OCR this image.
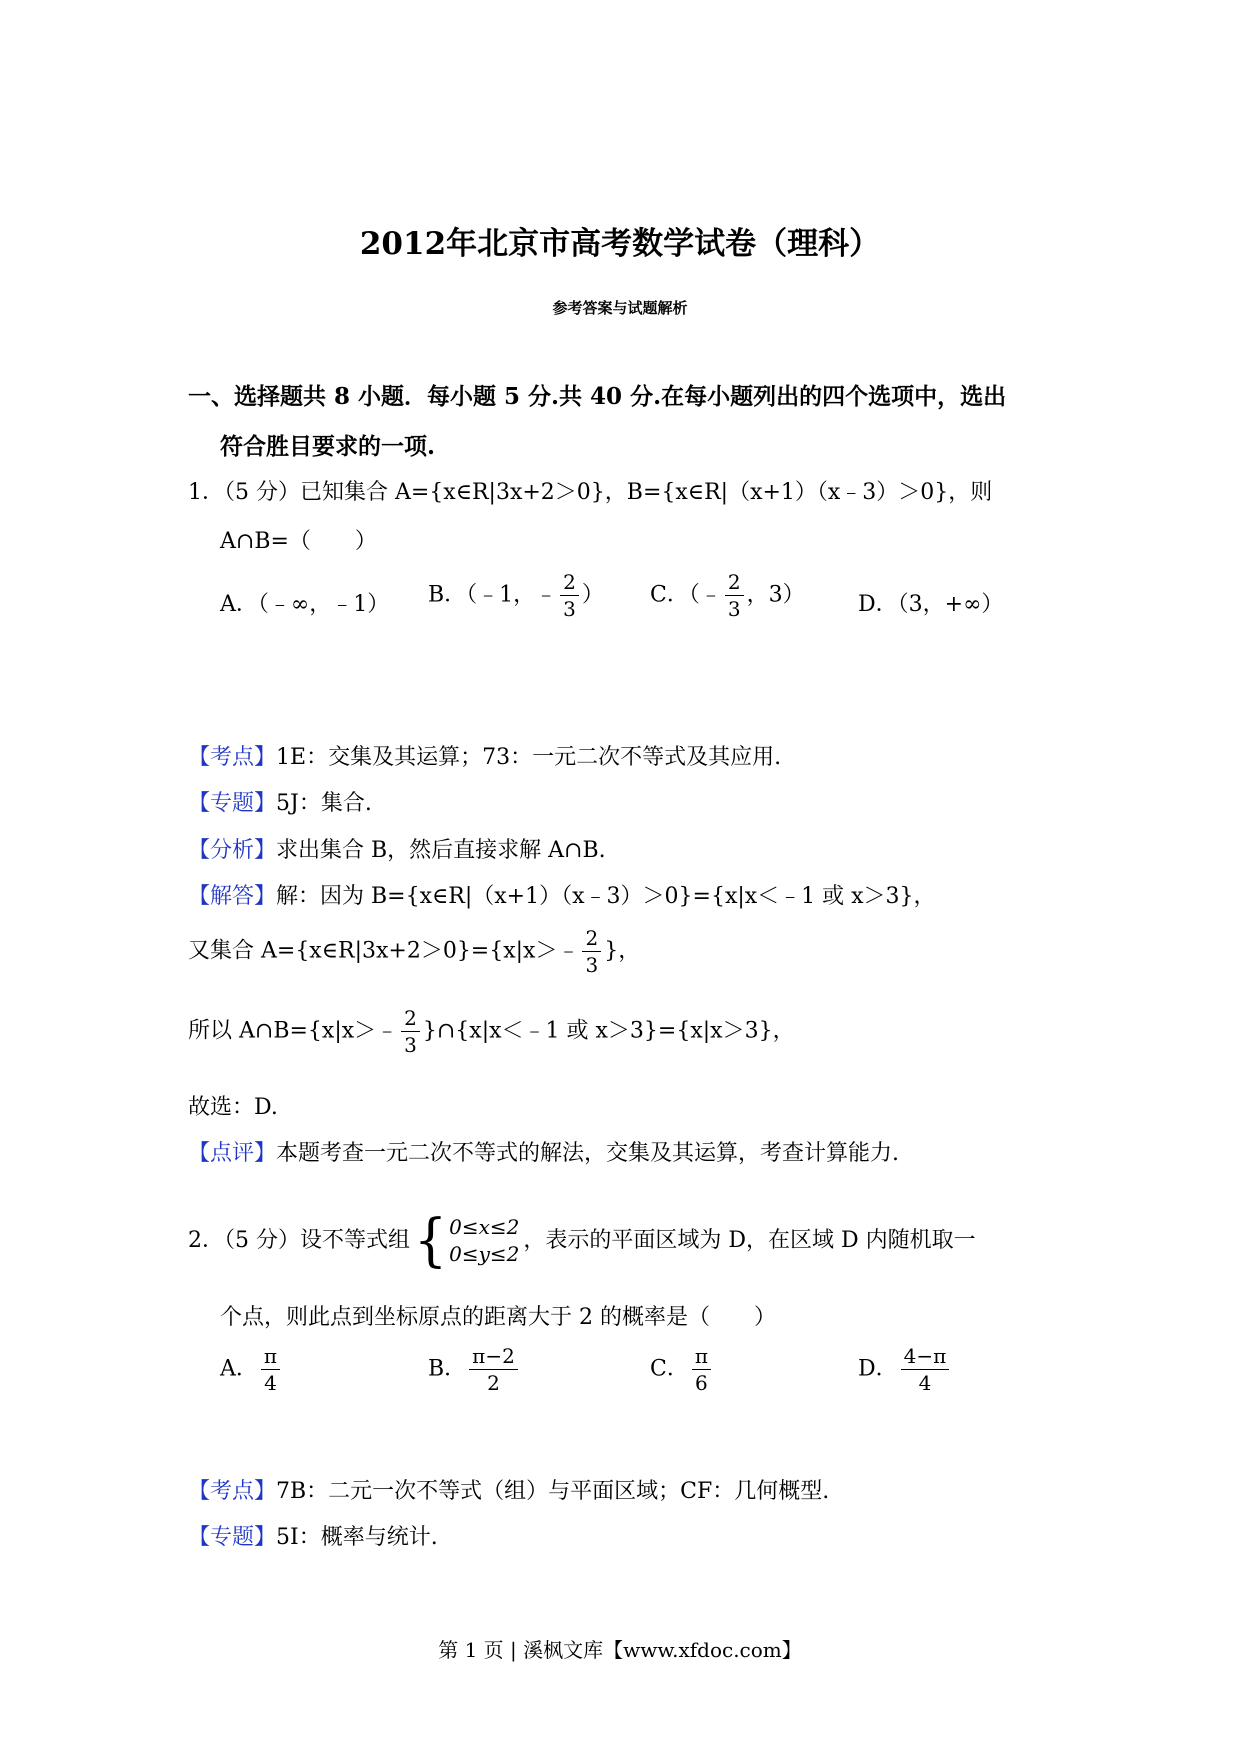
2012年北京市高考数学试卷（理科）
参考答案与试题解析
一、选择题共 8 小题．每小题 5 分.共 40 分.在每小题列出的四个选项中，选出
符合胜目要求的一项.
1．（5 分）已知集合 A={x∈R|3x+2＞0}，B={x∈R|（x+1）（x﹣3）＞0}，则
A∩B=（　　）
A．（﹣∞，﹣1） B．（﹣1，﹣ $\frac{2}{3}$ ） C．（﹣ $\frac{2}{3}$ ，3） D．（3，+∞）
【考点】1E：交集及其运算；73：一元二次不等式及其应用.
【专题】5J：集合.
【分析】求出集合 B，然后直接求解 A∩B.
【解答】解：因为 B={x∈R|（x+1）（x﹣3）＞0}={x|x＜﹣1 或 x＞3}，
又集合 A={x∈R|3x+2＞0}={x|x＞﹣ $\frac{2}{3}$ }，
所以 A∩B={x|x＞﹣ $\frac{2}{3}$ }∩{x|x＜﹣1 或 x＞3}={x|x＞3}，
故选：D.
【点评】本题考查一元二次不等式的解法，交集及其运算，考查计算能力.
2．（5 分）设不等式组 { 0≤x≤2
0≤y≤2
，表示的平面区域为 D，在区域 D 内随机取一
个点，则此点到坐标原点的距离大于 2 的概率是（　　）
A． $\frac{\pi}{4}$	B． $\frac{\pi-2}{2}$	C． $\frac{\pi}{6}$	D． $\frac{4-\pi}{4}$
【考点】7B：二元一次不等式（组）与平面区域；CF：几何概型.
【专题】5I：概率与统计.
第 1 页 | 溪枫文库【www.xfdoc.com】
